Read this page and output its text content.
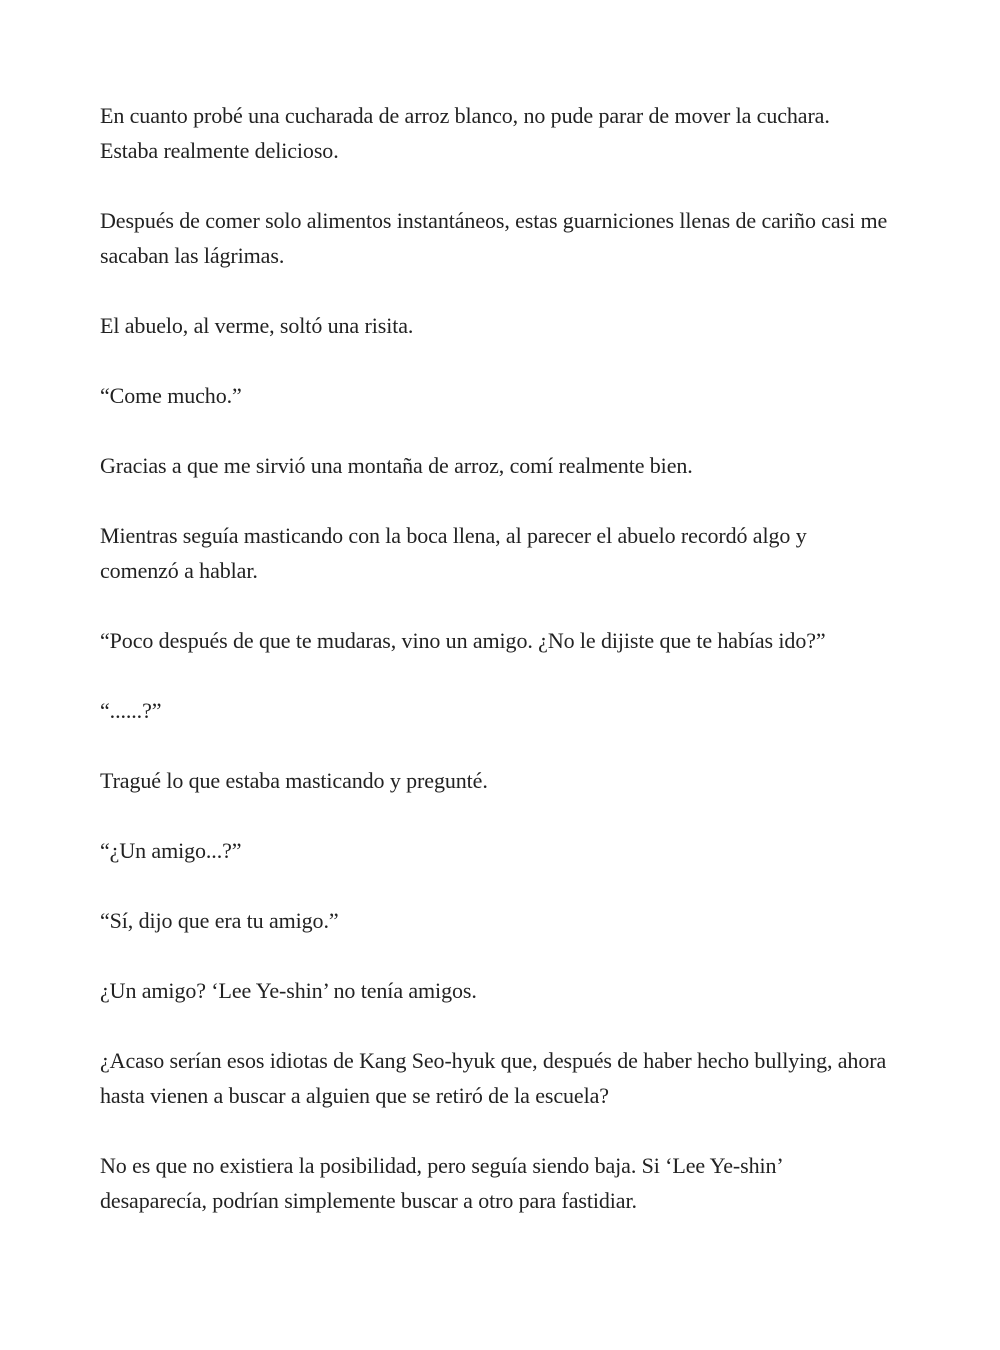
En cuanto probé una cucharada de arroz blanco, no pude parar de mover la cuchara. Estaba realmente delicioso.

Después de comer solo alimentos instantáneos, estas guarniciones llenas de cariño casi me sacaban las lágrimas.

El abuelo, al verme, soltó una risita.

“Come mucho.”

Gracias a que me sirvió una montaña de arroz, comí realmente bien.

Mientras seguía masticando con la boca llena, al parecer el abuelo recordó algo y comenzó a hablar.

“Poco después de que te mudaras, vino un amigo. ¿No le dijiste que te habías ido?”

“......?”

Tragué lo que estaba masticando y pregunté.

“¿Un amigo...?”

“Sí, dijo que era tu amigo.”

¿Un amigo? ‘Lee Ye-shin’ no tenía amigos.

¿Acaso serían esos idiotas de Kang Seo-hyuk que, después de haber hecho bullying, ahora hasta vienen a buscar a alguien que se retiró de la escuela?

No es que no existiera la posibilidad, pero seguía siendo baja. Si ‘Lee Ye-shin’ desaparecía, podrían simplemente buscar a otro para fastidiar.
